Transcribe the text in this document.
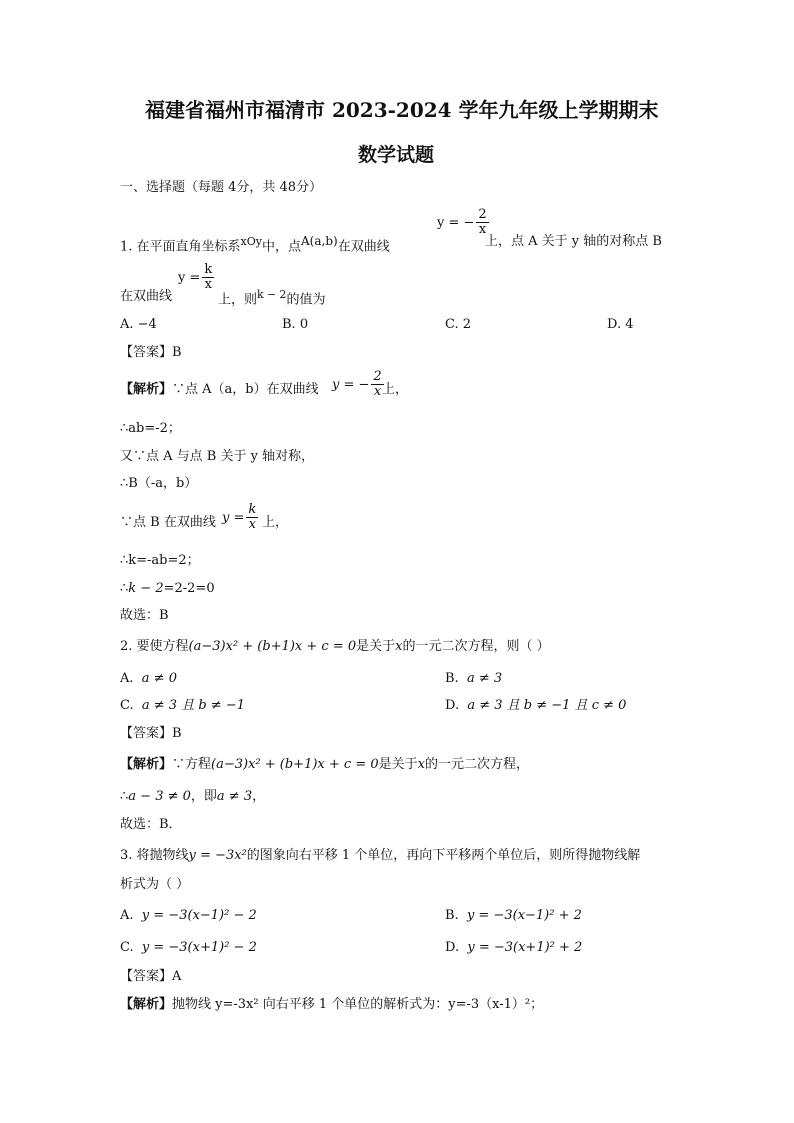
福建省福州市福清市 2023-2024 学年九年级上学期期末
数学试题
一、选择题（每题 4分，共 48分）
1. 在平面直角坐标系$^{xOy}$中，点$^{A(a,b)}$在双曲线
y = − $\frac{2}{x}$
上，点 A 关于 y 轴的对称点 B
在双曲线
$y = \frac{k}{x}$
上，则$^{k - 2}$的值为
A. −4	B. 0	C. 2	D. 4
【答案】B
【解析】∵点 A（a，b）在双曲线 y = − $\frac{2}{x}$
上，
∴ab=-2；
又∵点 A 与点 B 关于 y 轴对称，
∴B（-a，b）
∵点 B 在双曲线 $y = \frac{k}{x}$ 上，
∴k=-ab=2；
∴k − 2=2-2=0
故选：B
2. 要使方程(a−3)x² + (b+1)x + c = 0是关于x的一元二次方程，则（ ）
A. a ≠ 0	B. a ≠ 3
C. a ≠ 3 且 b ≠ −1	D. a ≠ 3 且 b ≠ −1 且 c ≠ 0
【答案】B
【解析】∵方程(a−3)x² + (b+1)x + c = 0是关于x的一元二次方程，
∴a − 3 ≠ 0，即a ≠ 3，
故选：B．
3. 将抛物线y = −3x²的图象向右平移 1 个单位，再向下平移两个单位后，则所得抛物线解
析式为（ ）
A. y = −3(x−1)² − 2	B. y = −3(x−1)² + 2
C. y = −3(x+1)² − 2	D. y = −3(x+1)² + 2
【答案】A
【解析】抛物线 y=-3x² 向右平移 1 个单位的解析式为：y=-3（x-1）²；
